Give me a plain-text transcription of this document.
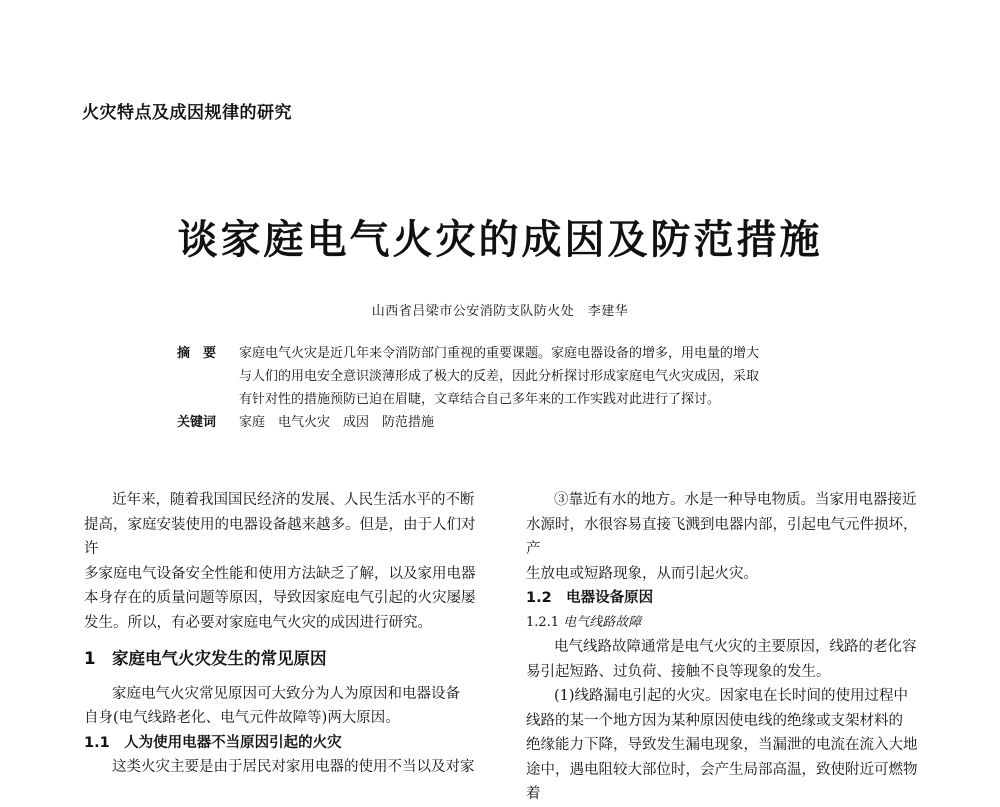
火灾特点及成因规律的研究
谈家庭电气火灾的成因及防范措施
山西省吕梁市公安消防支队防火处　李建华
摘　要	家庭电气火灾是近几年来令消防部门重视的重要课题。家庭电器设备的增多，用电量的增大

与人们的用电安全意识淡薄形成了极大的反差，因此分析探讨形成家庭电气火灾成因，采取

有针对性的措施预防已迫在眉睫，文章结合自己多年来的工作实践对此进行了探讨。

关键词	家庭　电气火灾　成因　防范措施

近年来，随着我国国民经济的发展、人民生活水平的不断

提高，家庭安装使用的电器设备越来越多。但是，由于人们对许

多家庭电气设备安全性能和使用方法缺乏了解，以及家用电器

本身存在的质量问题等原因，导致因家庭电气引起的火灾屡屡

发生。所以，有必要对家庭电气火灾的成因进行研究。

1　家庭电气火灾发生的常见原因

家庭电气火灾常见原因可大致分为人为原因和电器设备

自身(电气线路老化、电气元件故障等)两大原因。

1.1　人为使用电器不当原因引起的火灾

这类火灾主要是由于居民对家用电器的使用不当以及对家

③靠近有水的地方。水是一种导电物质。当家用电器接近

水源时，水很容易直接飞溅到电器内部，引起电气元件损坏，产

生放电或短路现象，从而引起火灾。

1.2　电器设备原因
1.2.1 电气线路故障

电气线路故障通常是电气火灾的主要原因，线路的老化容

易引起短路、过负荷、接触不良等现象的发生。

(1)线路漏电引起的火灾。因家电在长时间的使用过程中

线路的某一个地方因为某种原因使电线的绝缘或支架材料的

绝缘能力下降，导致发生漏电现象，当漏泄的电流在流入大地

途中，遇电阻较大部位时，会产生局部高温，致使附近可燃物着
